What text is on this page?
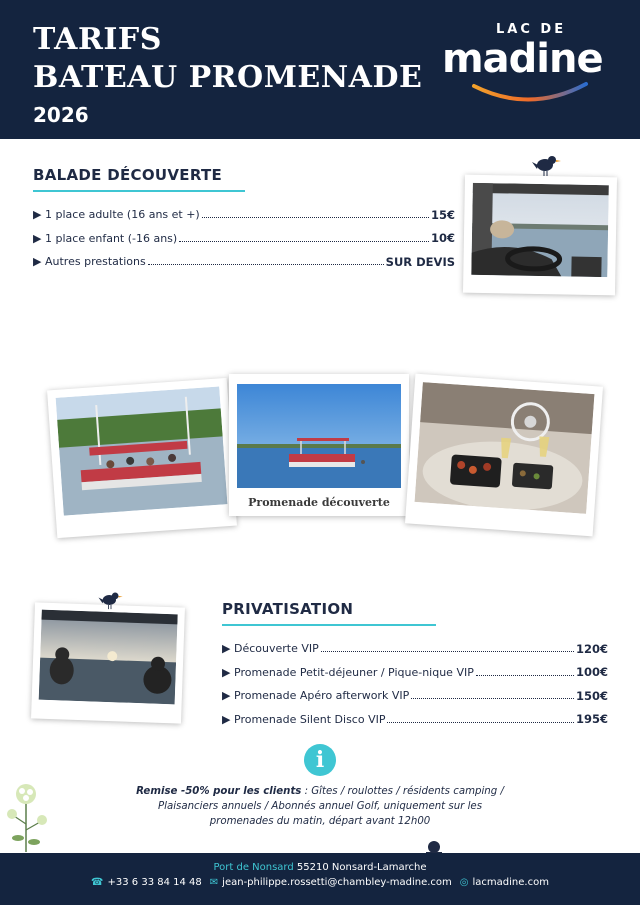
TARIFS
BATEAU PROMENADE
2026
LAC DE
madine
BALADE DÉCOUVERTE
▶ 1 place adulte (16 ans et +)	15€
▶ 1 place enfant (-16 ans)	10€
▶ Autres prestations	SUR DEVIS
Promenade découverte
PRIVATISATION
▶ Découverte VIP	120€
▶ Promenade Petit-déjeuner / Pique-nique VIP	100€
▶ Promenade Apéro afterwork VIP	150€
▶ Promenade Silent Disco VIP	195€
i
Remise -50% pour les clients : Gîtes / roulottes / résidents camping / Plaisanciers annuels / Abonnés annuel Golf, uniquement sur les promenades du matin, départ avant 12h00
Port de Nonsard 55210 Nonsard-Lamarche
☎ +33 6 33 84 14 48 ✉ jean-philippe.rossetti@chambley-madine.com ◎ lacmadine.com
